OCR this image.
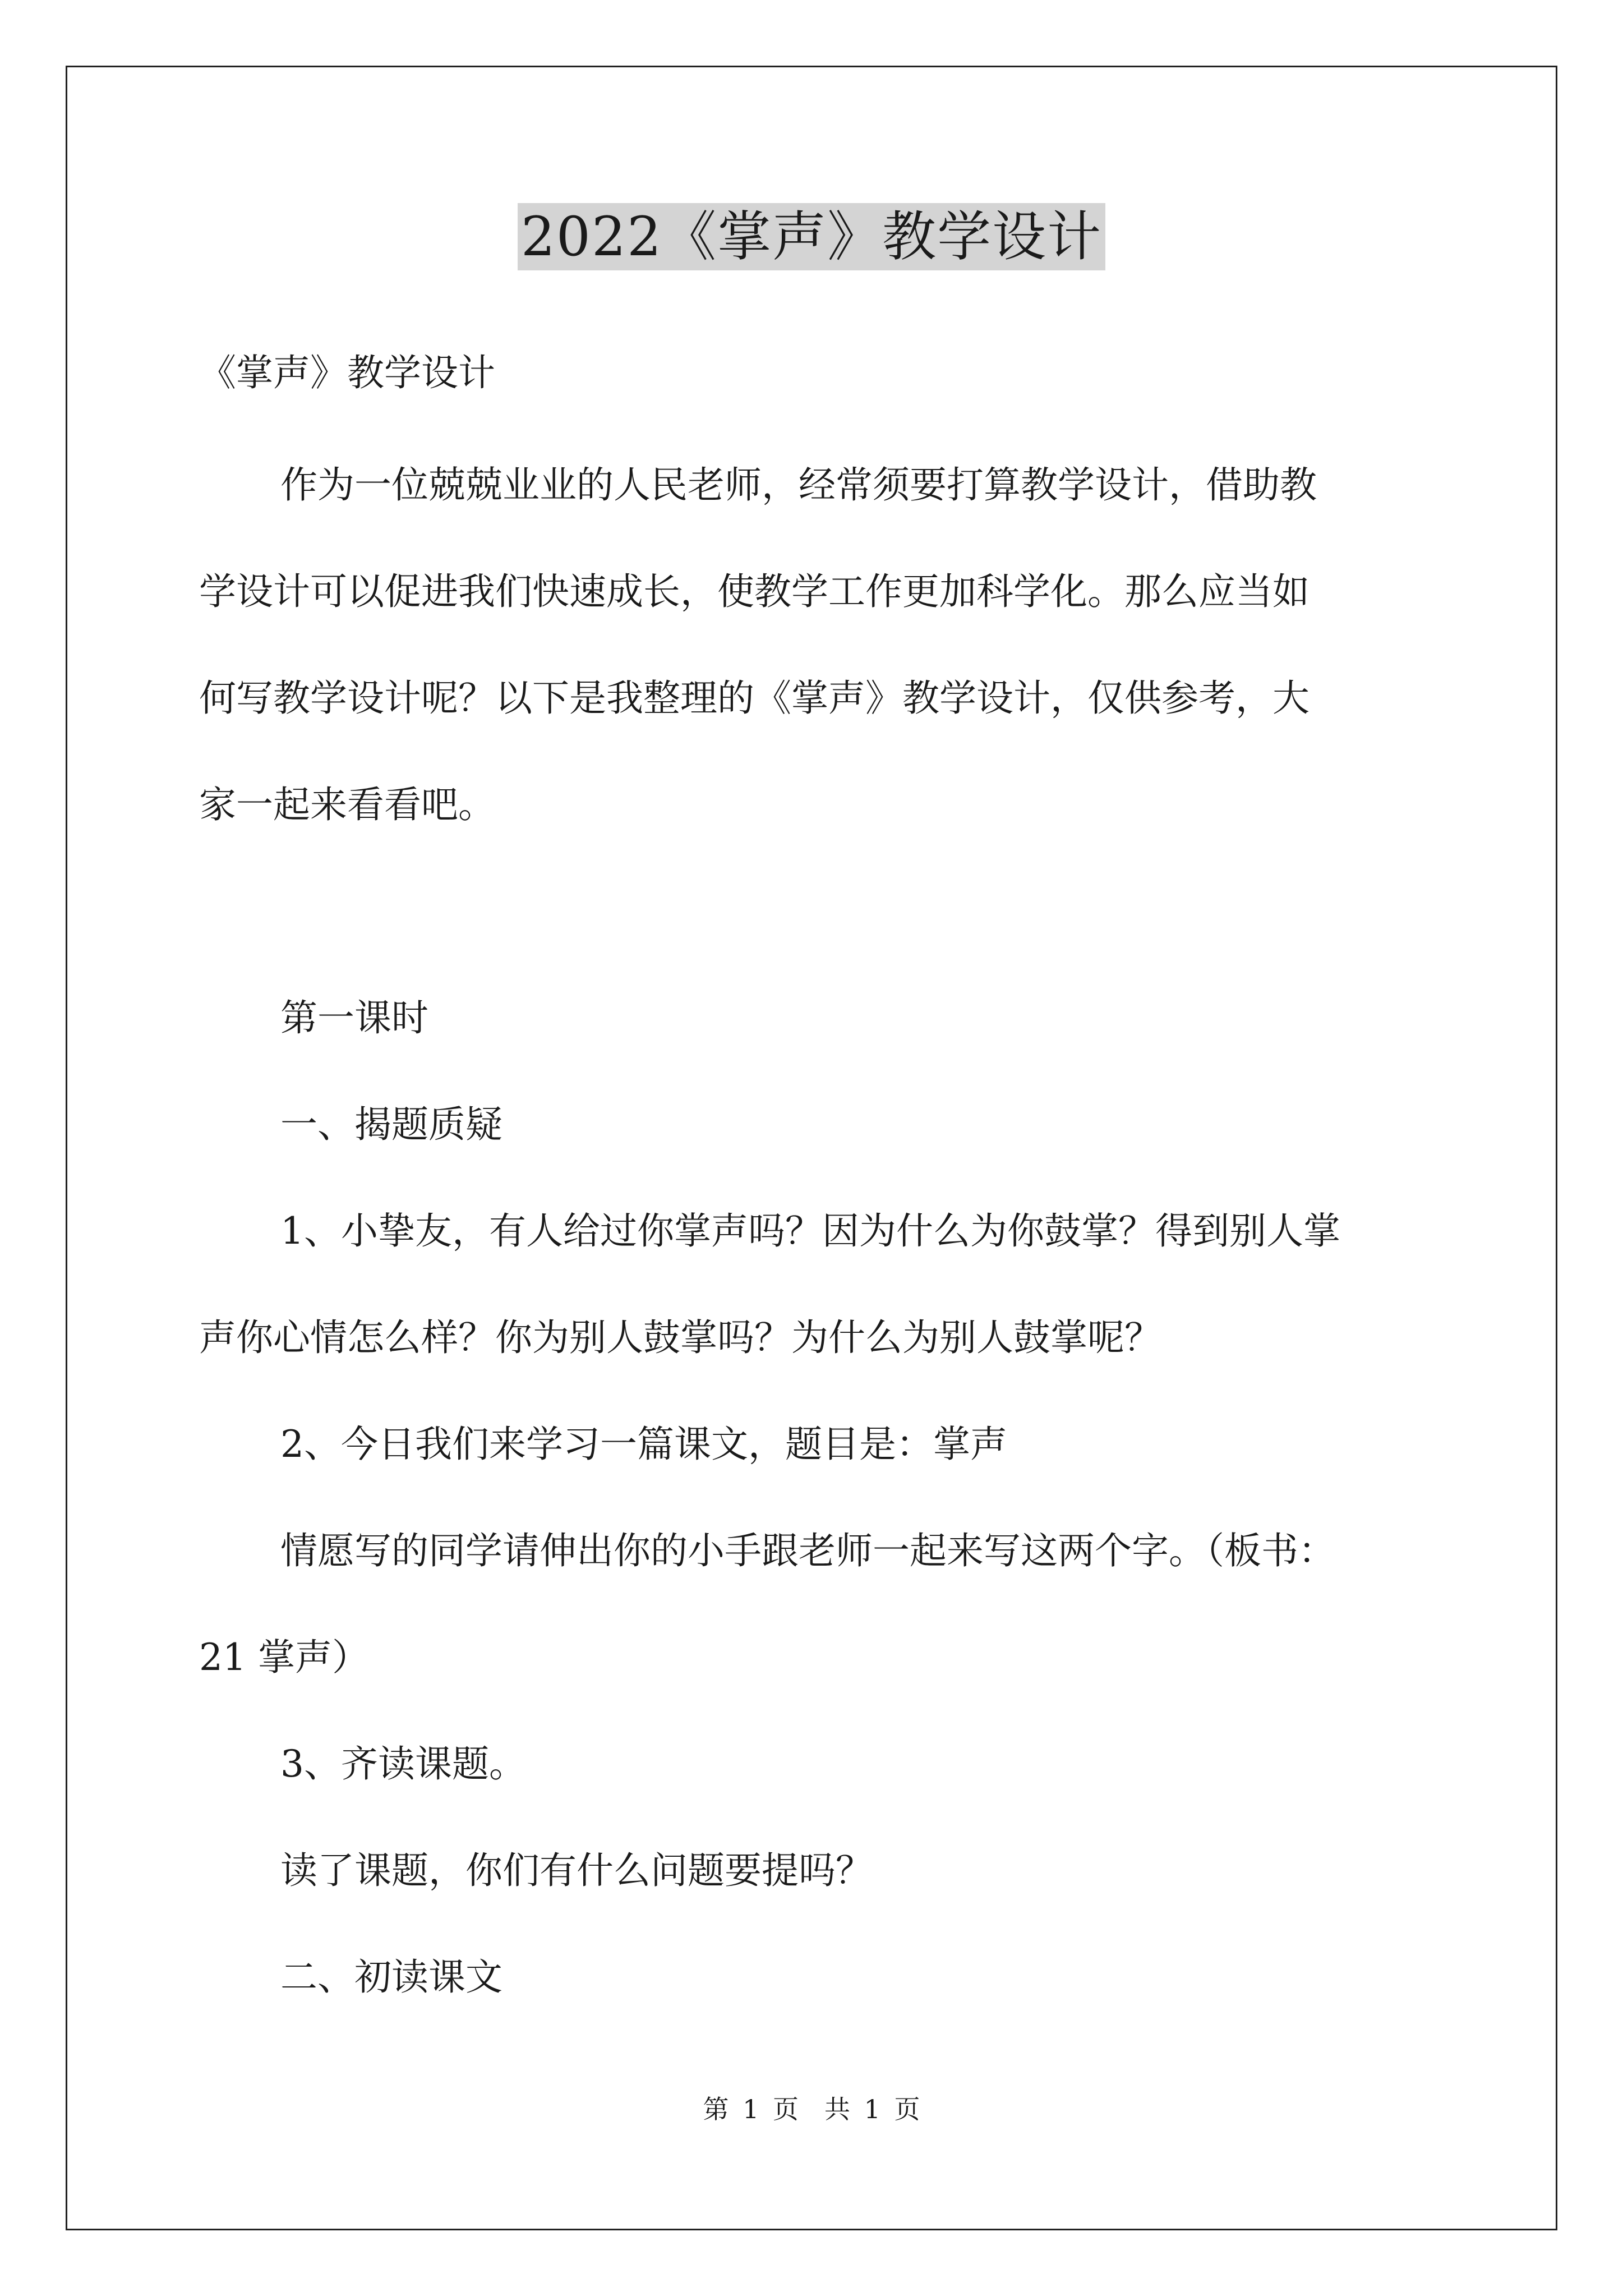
2022《掌声》教学设计
《掌声》教学设计
作为一位兢兢业业的人民老师，经常须要打算教学设计，借助教
学设计可以促进我们快速成长，使教学工作更加科学化。那么应当如
何写教学设计呢？以下是我整理的《掌声》教学设计，仅供参考，大
家一起来看看吧。
第一课时
一、揭题质疑
1、小挚友，有人给过你掌声吗？因为什么为你鼓掌？得到别人掌
声你心情怎么样？你为别人鼓掌吗？为什么为别人鼓掌呢？
2、今日我们来学习一篇课文，题目是：掌声
情愿写的同学请伸出你的小手跟老师一起来写这两个字。（板书：
21 掌声）
3、齐读课题。
读了课题，你们有什么问题要提吗？
二、初读课文
第 1 页　共 1 页
